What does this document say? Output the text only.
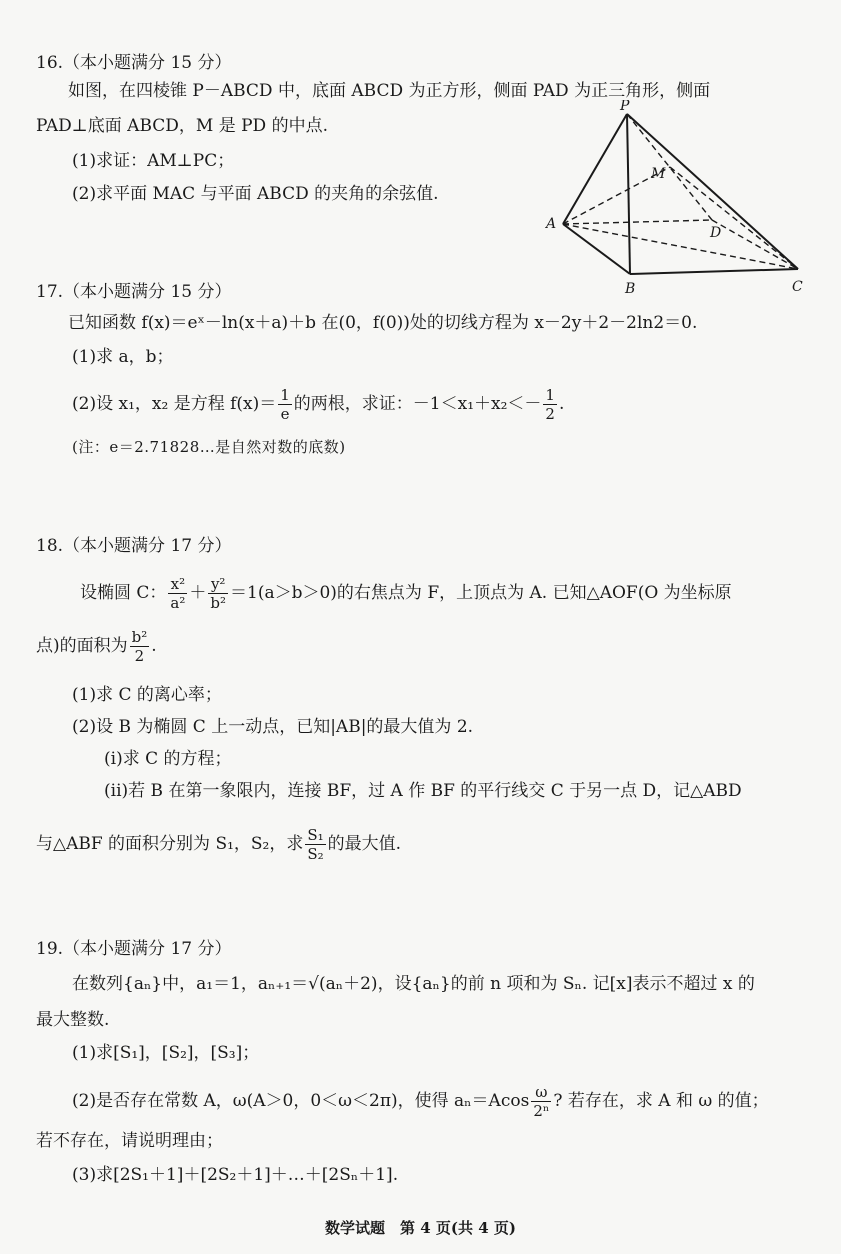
16.（本小题满分 15 分）
如图，在四棱锥 P－ABCD 中，底面 ABCD 为正方形，侧面 PAD 为正三角形，侧面
PAD⊥底面 ABCD，M 是 PD 的中点.
(1)求证：AM⊥PC；
(2)求平面 MAC 与平面 ABCD 的夹角的余弦值.
P
M
A
D
B	C
17.（本小题满分 15 分）
已知函数 f(x)＝eˣ－ln(x＋a)＋b 在(0，f(0))处的切线方程为 x－2y＋2－2ln2＝0.
(1)求 a，b；
(2)设 x₁，x₂ 是方程 $f(x)= \frac{1}{e}$ 的两根，求证：$-1<x_1+x_2<- \frac{1}{2}$ .
(注：e＝2.71828…是自然对数的底数)
18.（本小题满分 17 分）
设椭圆 C： $\frac{\text{x²}}{\text{a²}} + \frac{\text{y²}}{\text{b²}} =1(a>b>0)$的右焦点为 F，上顶点为 A. 已知△AOF(O 为坐标原
点)的面积为 $\frac{\text{b²}}{2}$ .
(1)求 C 的离心率；
(2)设 B 为椭圆 C 上一动点，已知|AB|的最大值为 2.
(i)求 C 的方程；
(ii)若 B 在第一象限内，连接 BF，过 A 作 BF 的平行线交 C 于另一点 D，记△ABD
与△ABF 的面积分别为 S₁，S₂，求 $\frac{\text{S₁}}{\text{S₂}}$ 的最大值.
19.（本小题满分 17 分）
在数列{aₙ}中，a₁＝1，aₙ₊₁＝√(aₙ＋2)，设{aₙ}的前 n 项和为 Sₙ. 记[x]表示不超过 x 的
最大整数.
(1)求[S₁]，[S₂]，[S₃]；
(2)是否存在常数 A，ω(A＞0，0＜ω＜2π)，使得 $a_n=Acos \frac{\omega}{\text{2ⁿ}}$ ? 若存在，求 A 和 ω 的值；
若不存在，请说明理由；
(3)求[2S₁＋1]＋[2S₂＋1]＋…＋[2Sₙ＋1].
数学试题　第 4 页(共 4 页)
